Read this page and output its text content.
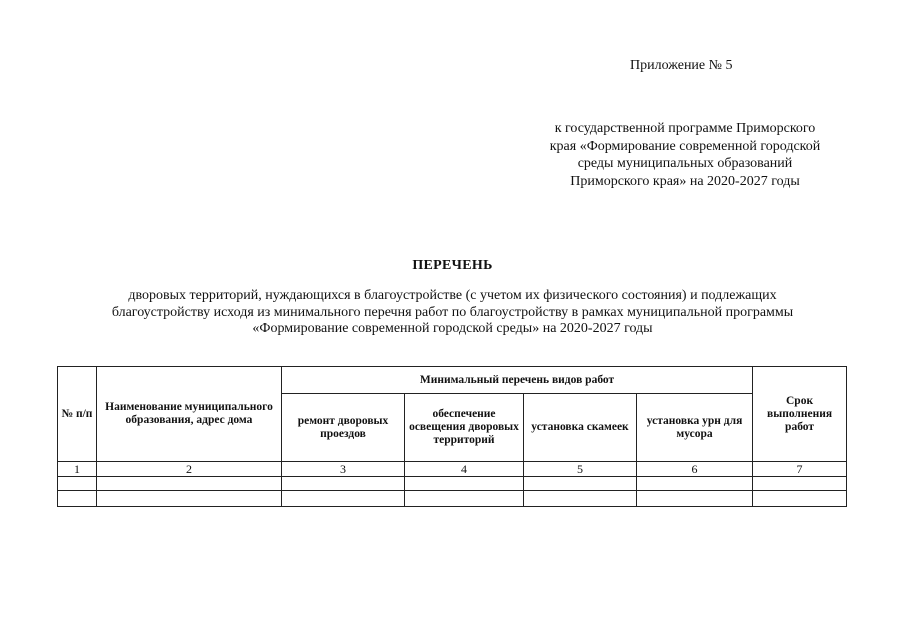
Приложение № 5
к государственной программе Приморского
края «Формирование современной городской
среды муниципальных образований
Приморского края» на 2020-2027 годы
ПЕРЕЧЕНЬ
дворовых территорий, нуждающихся в благоустройстве (с учетом их физического состояния) и подлежащих
благоустройству исходя из минимального перечня работ по благоустройству в рамках муниципальной программы
«Формирование современной городской среды» на 2020-2027 годы
№ п/п	Наименование муниципального образования, адрес дома	Минимальный перечень видов работ				Срок выполнения работ
		ремонт дворовых проездов	обеспечение освещения дворовых территорий	установка скамеек	установка урн для мусора	
1	2	3	4	5	6	7
